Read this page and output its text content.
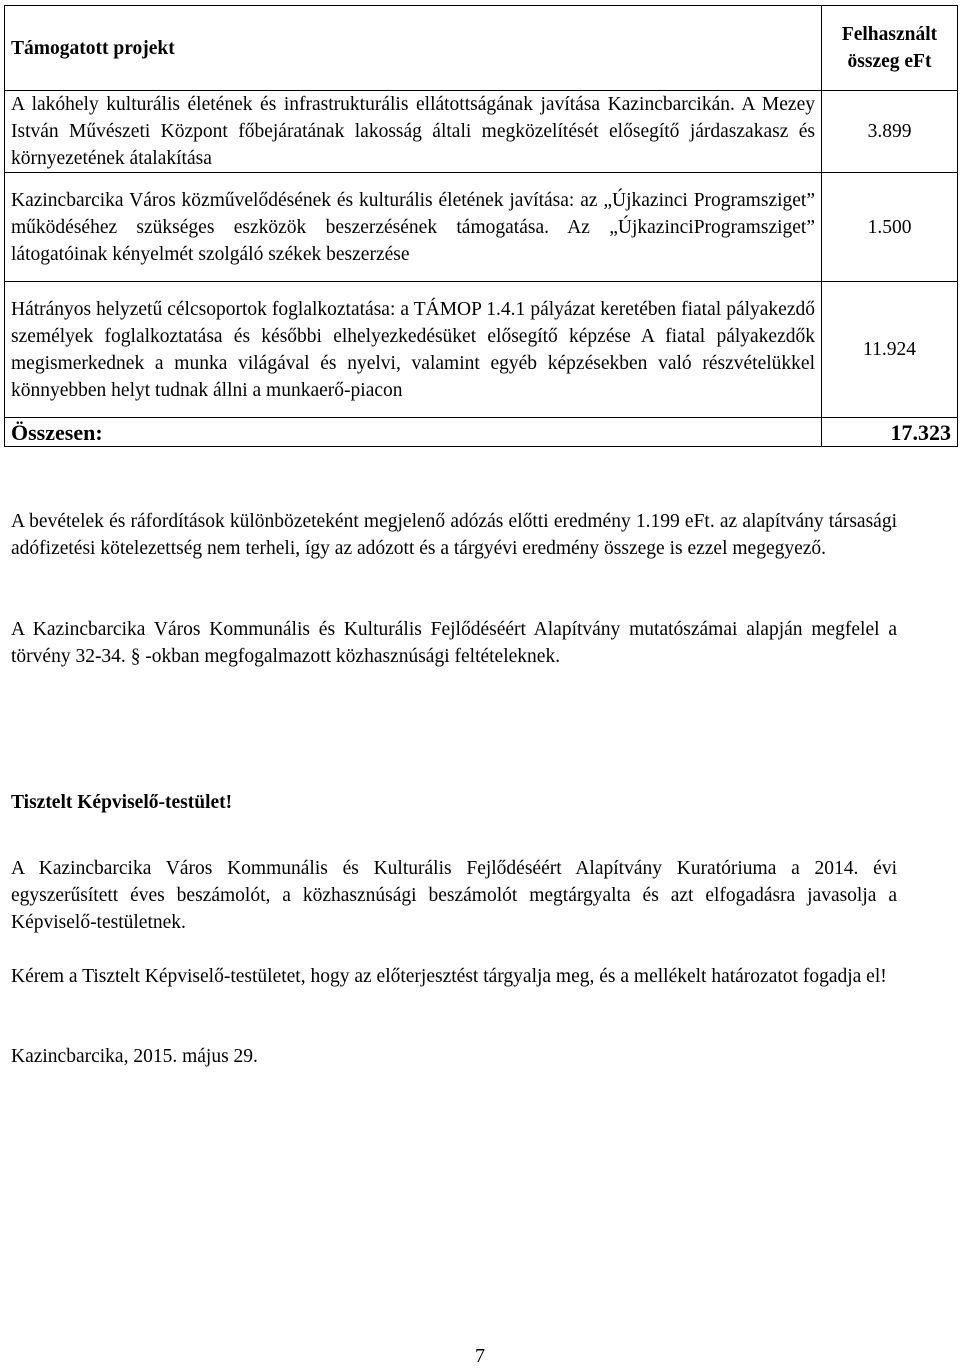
Támogatott projekt	Felhasznált összeg eFt
A lakóhely kulturális életének és infrastrukturális ellátottságának javítása Kazincbarcikán. A Mezey István Művészeti Központ főbejáratának lakosság általi megközelítését elősegítő járdaszakasz és környezetének átalakítása	3.899
Kazincbarcika Város közművelődésének és kulturális életének javítása: az „Újkazinci Programsziget” működéséhez szükséges eszközök beszerzésének támogatása. Az „ÚjkazinciProgramsziget” látogatóinak kényelmét szolgáló székek beszerzése	1.500
Hátrányos helyzetű célcsoportok foglalkoztatása: a TÁMOP 1.4.1 pályázat keretében fiatal pályakezdő személyek foglalkoztatása és későbbi elhelyezkedésüket elősegítő képzése A fiatal pályakezdők megismerkednek a munka világával és nyelvi, valamint egyéb képzésekben való részvételükkel könnyebben helyt tudnak állni a munkaerő-piacon	11.924
Összesen:	17.323
A bevételek és ráfordítások különbözeteként megjelenő adózás előtti eredmény 1.199 eFt. az alapítvány társasági adófizetési kötelezettség nem terheli, így az adózott és a tárgyévi eredmény összege is ezzel megegyező.
A Kazincbarcika Város Kommunális és Kulturális Fejlődéséért Alapítvány mutatószámai alapján megfelel a törvény 32-34. § -okban megfogalmazott közhasznúsági feltételeknek.
Tisztelt Képviselő-testület!
A Kazincbarcika Város Kommunális és Kulturális Fejlődéséért Alapítvány Kuratóriuma a 2014. évi egyszerűsített éves beszámolót, a közhasznúsági beszámolót megtárgyalta és azt elfogadásra javasolja a Képviselő-testületnek.
Kérem a Tisztelt Képviselő-testületet, hogy az előterjesztést tárgyalja meg, és a mellékelt határozatot fogadja el!
Kazincbarcika, 2015. május 29.
7
